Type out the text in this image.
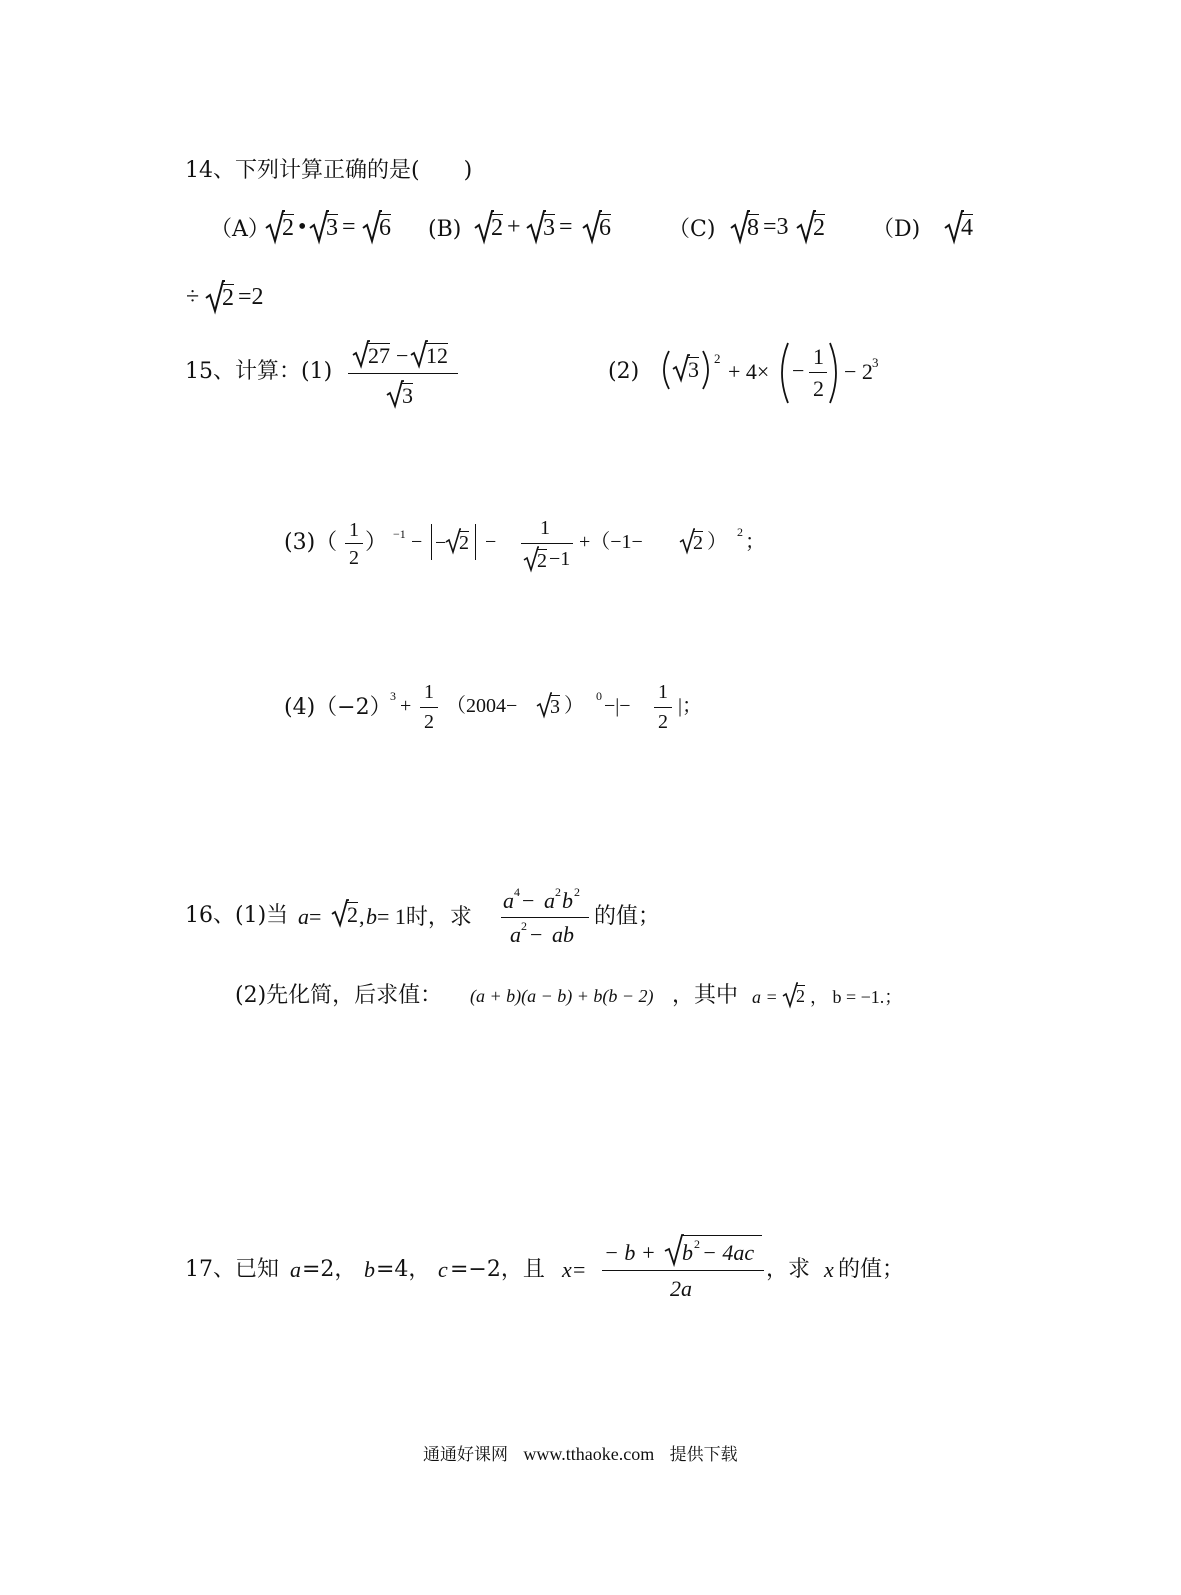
14、下列计算正确的是(　　)
（A） 2 • 3 = 6 (B) 2 + 3 = 6	（C) 8 =3 2 （D) 4
÷ 2 =2
15、计算：(1)
27 − 12
3
(2) 3 2
+ 4× −
1
2
− 2 3
(3)（ 1
2
） −1 − − 2 −
1
2 −1
+（−1−	2 ） 2 ；
(4)（−2）
3 +
1
2
（2004− 3 ） 0 −|−
1
2
|；
16、(1)当 a = 2 , b = 1时，求
a 4 − a 2 b 2
a 2 − ab
的值；
(2)先化简，后求值： (a + b)(a − b) + b(b − 2) ，其中 a = 2 ， b = −1.；
17、已知 a =2， b =4， c =−2，且 x =
− b + b 2 − 4ac
2a
，求 x 的值；
通通好课网 www.tthaoke.com 提供下载
